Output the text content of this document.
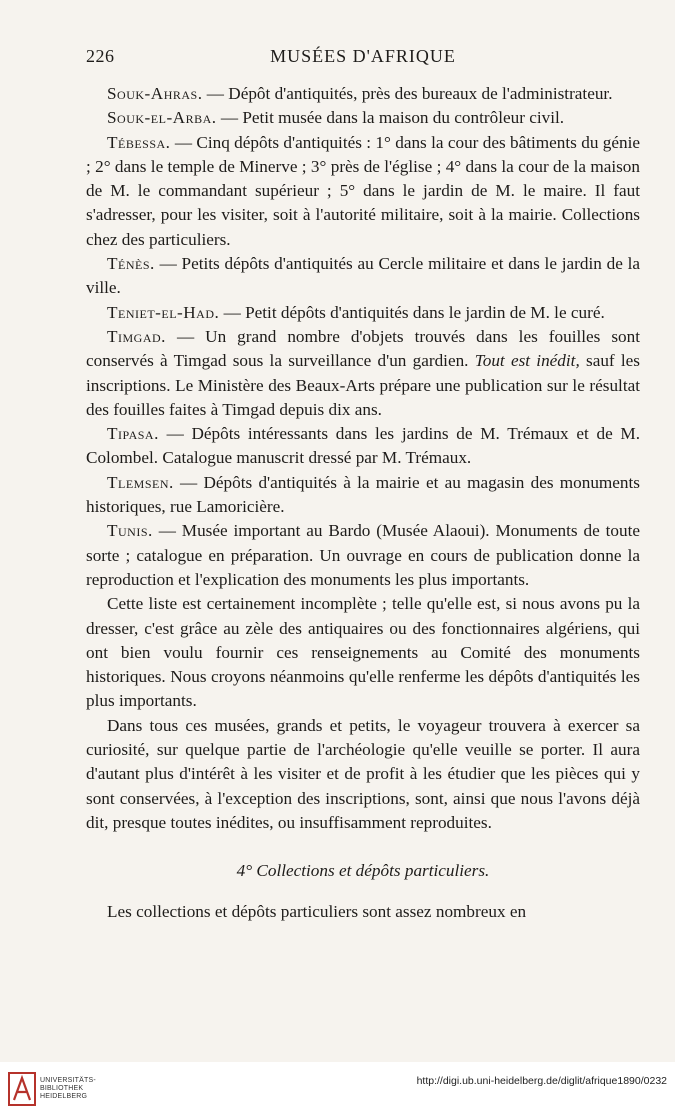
226	MUSÉES D'AFRIQUE

Souk-Ahras. — Dépôt d'antiquités, près des bureaux de l'administrateur.

Souk-el-Arba. — Petit musée dans la maison du contrôleur civil.

Tébessa. — Cinq dépôts d'antiquités : 1° dans la cour des bâtiments du génie ; 2° dans le temple de Minerve ; 3° près de l'église ; 4° dans la cour de la maison de M. le commandant supérieur ; 5° dans le jardin de M. le maire. Il faut s'adresser, pour les visiter, soit à l'autorité militaire, soit à la mairie. Collections chez des particuliers.

Ténès. — Petits dépôts d'antiquités au Cercle militaire et dans le jardin de la ville.

Teniet-el-Had. — Petit dépôts d'antiquités dans le jardin de M. le curé.

Timgad. — Un grand nombre d'objets trouvés dans les fouilles sont conservés à Timgad sous la surveillance d'un gardien. Tout est inédit, sauf les inscriptions. Le Ministère des Beaux-Arts prépare une publication sur le résultat des fouilles faites à Timgad depuis dix ans.

Tipasa. — Dépôts intéressants dans les jardins de M. Trémaux et de M. Colombel. Catalogue manuscrit dressé par M. Trémaux.

Tlemsen. — Dépôts d'antiquités à la mairie et au magasin des monuments historiques, rue Lamoricière.

Tunis. — Musée important au Bardo (Musée Alaoui). Monuments de toute sorte ; catalogue en préparation. Un ouvrage en cours de publication donne la reproduction et l'explication des monuments les plus importants.

Cette liste est certainement incomplète ; telle qu'elle est, si nous avons pu la dresser, c'est grâce au zèle des antiquaires ou des fonctionnaires algériens, qui ont bien voulu fournir ces renseignements au Comité des monuments historiques. Nous croyons néanmoins qu'elle renferme les dépôts d'antiquités les plus importants.

Dans tous ces musées, grands et petits, le voyageur trouvera à exercer sa curiosité, sur quelque partie de l'archéologie qu'elle veuille se porter. Il aura d'autant plus d'intérêt à les visiter et de profit à les étudier que les pièces qui y sont conservées, à l'exception des inscriptions, sont, ainsi que nous l'avons déjà dit, presque toutes inédites, ou insuffisamment reproduites.

4° Collections et dépôts particuliers.

Les collections et dépôts particuliers sont assez nombreux en

UNIVERSITÄTS-
BIBLIOTHEK
HEIDELBERG
http://digi.ub.uni-heidelberg.de/diglit/afrique1890/0232
